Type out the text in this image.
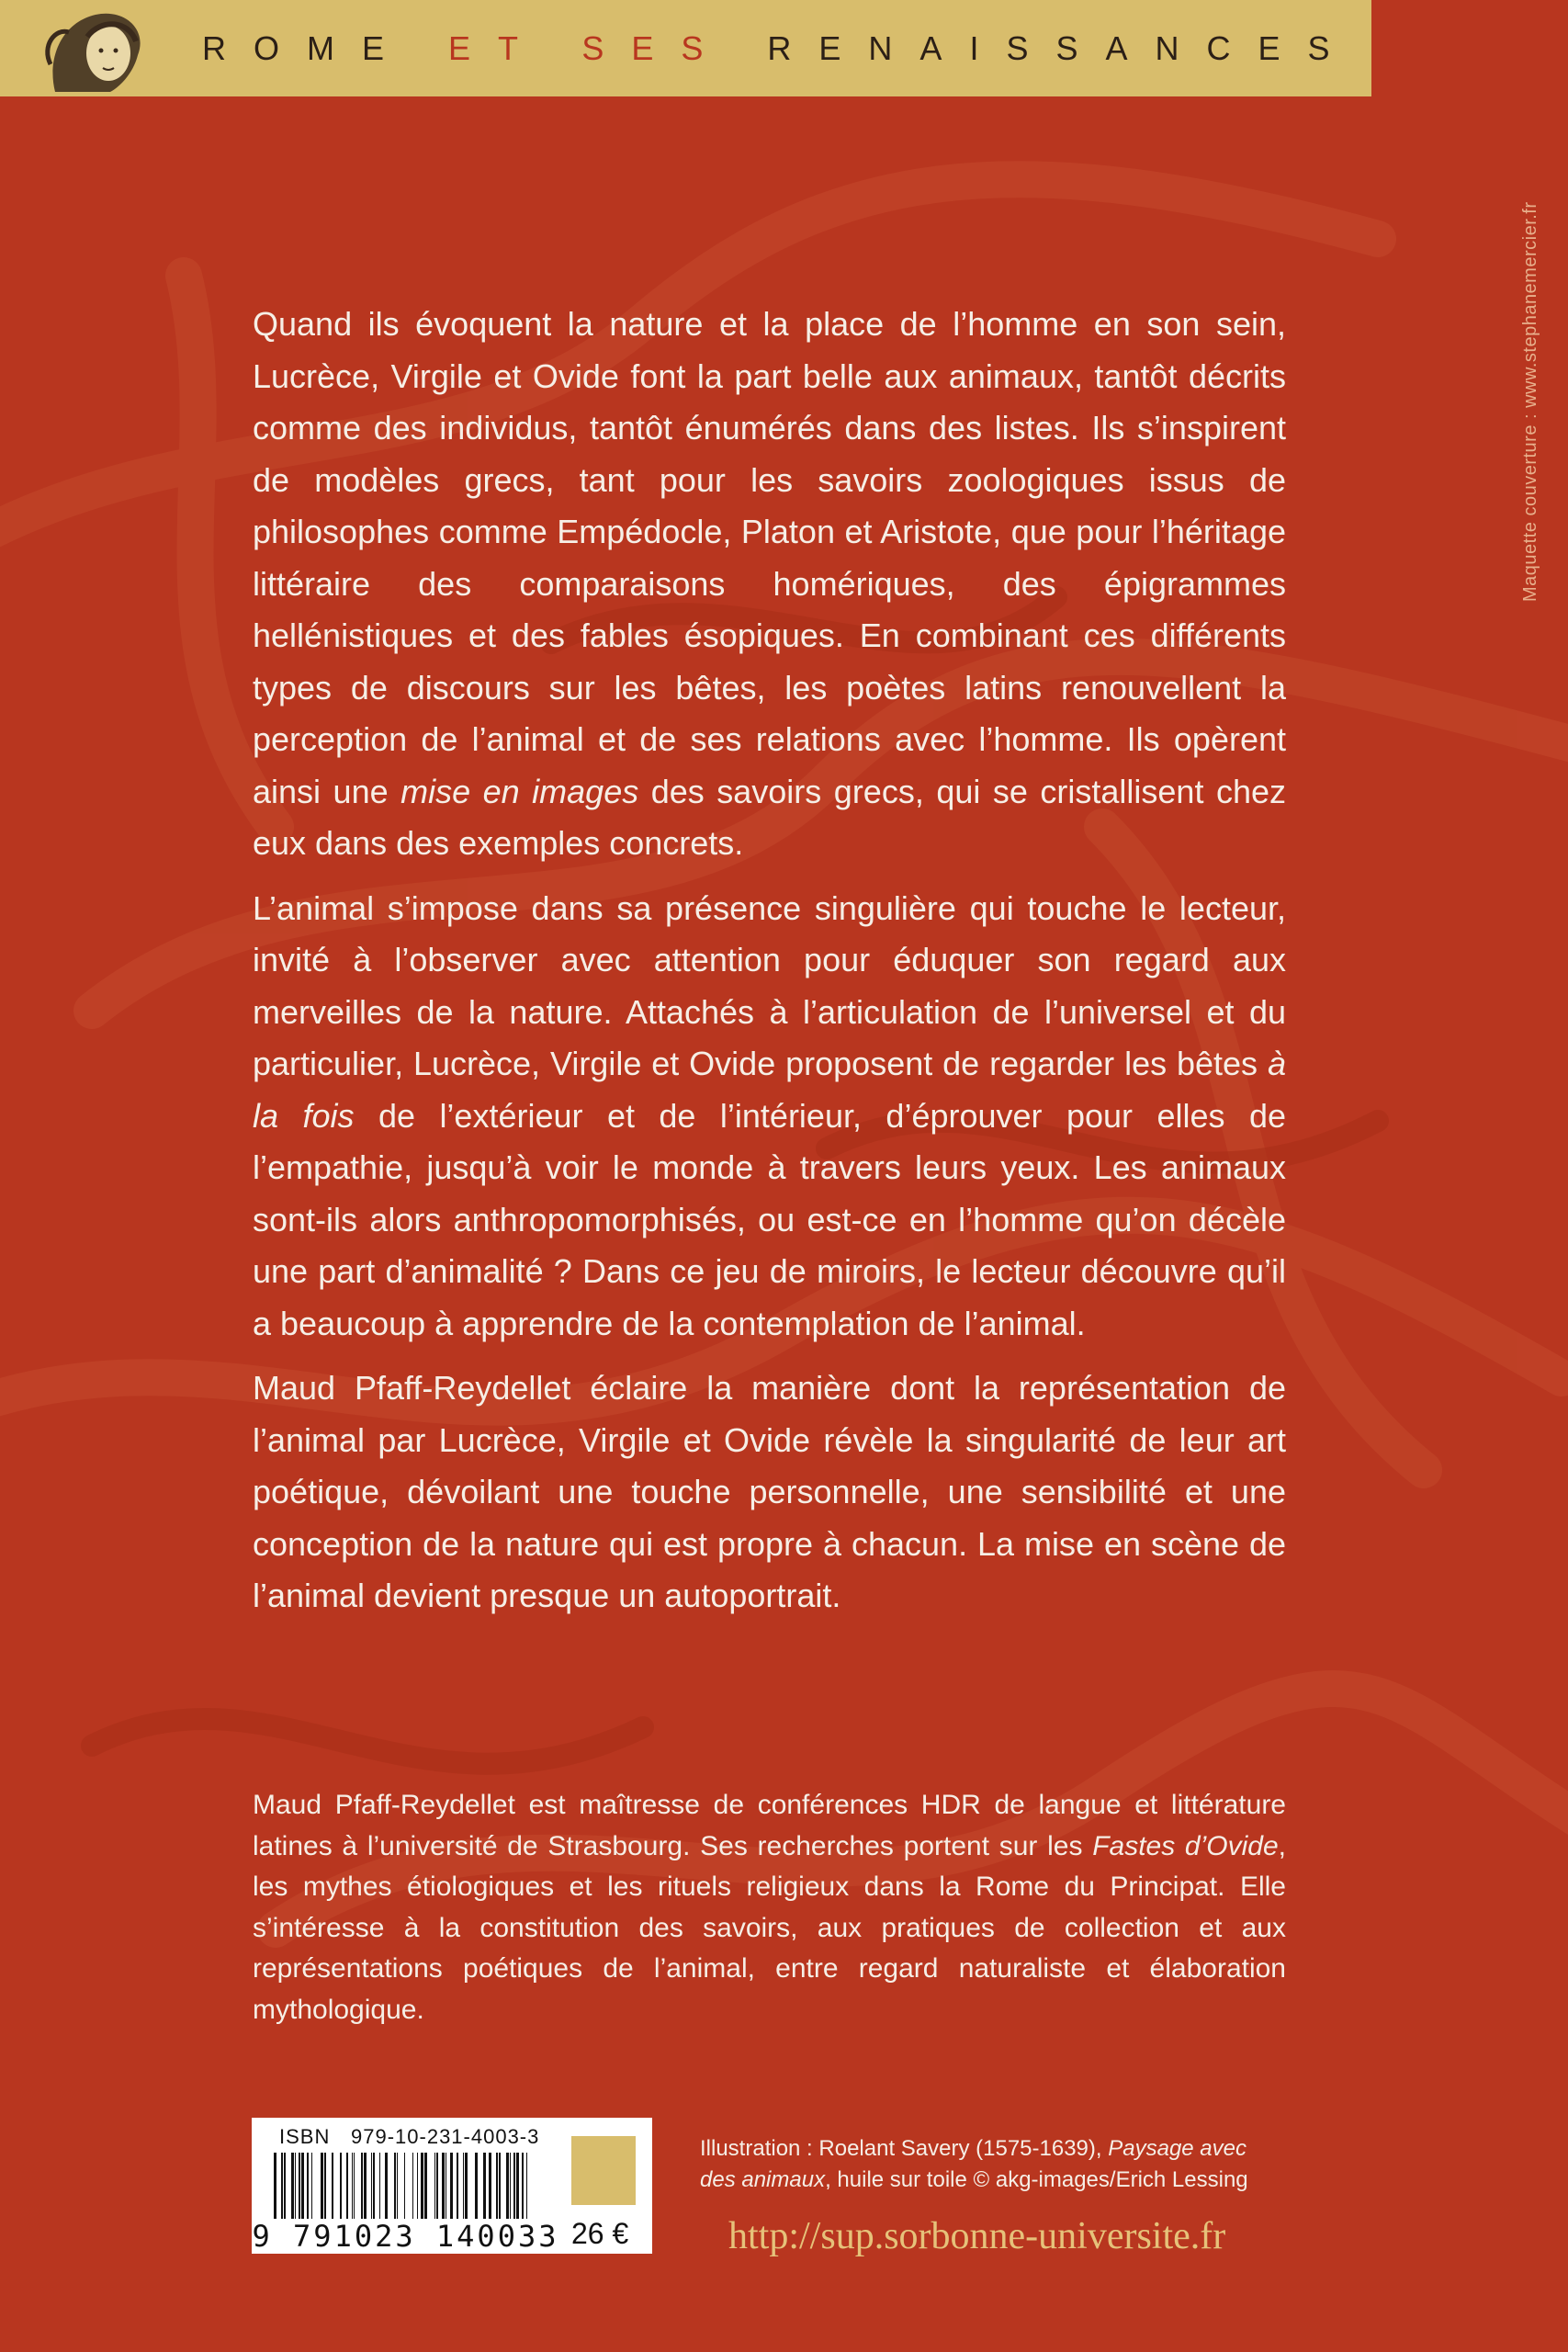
ROME ET SES RENAISSANCES
Maquette couverture : www.stephanemercier.fr

Quand ils évoquent la nature et la place de l’homme en son sein, Lucrèce, Virgile et Ovide font la part belle aux animaux, tantôt décrits comme des individus, tantôt énumérés dans des listes. Ils s’inspirent de modèles grecs, tant pour les savoirs zoologiques issus de philosophes comme Empédocle, Platon et Aristote, que pour l’héritage littéraire des comparaisons homériques, des épigrammes hellénistiques et des fables ésopiques. En combinant ces différents types de discours sur les bêtes, les poètes latins renouvellent la perception de l’animal et de ses relations avec l’homme. Ils opèrent ainsi une mise en images des savoirs grecs, qui se cristallisent chez eux dans des exemples concrets.

L’animal s’impose dans sa présence singulière qui touche le lecteur, invité à l’observer avec attention pour éduquer son regard aux merveilles de la nature. Attachés à l’articulation de l’universel et du particulier, Lucrèce, Virgile et Ovide proposent de regarder les bêtes à la fois de l’extérieur et de l’intérieur, d’éprouver pour elles de l’empathie, jusqu’à voir le monde à travers leurs yeux. Les animaux sont-ils alors anthropomorphisés, ou est-ce en l’homme qu’on décèle une part d’animalité ? Dans ce jeu de miroirs, le lecteur découvre qu’il a beaucoup à apprendre de la contemplation de l’animal.

Maud Pfaff-Reydellet éclaire la manière dont la représentation de l’animal par Lucrèce, Virgile et Ovide révèle la singularité de leur art poétique, dévoilant une touche personnelle, une sensibilité et une conception de la nature qui est propre à chacun. La mise en scène de l’animal devient presque un autoportrait.

Maud Pfaff-Reydellet est maîtresse de conférences HDR de langue et littérature latines à l’université de Strasbourg. Ses recherches portent sur les Fastes d’Ovide, les mythes étiologiques et les rituels religieux dans la Rome du Principat. Elle s’intéresse à la constitution des savoirs, aux pratiques de collection et aux représentations poétiques de l’animal, entre regard naturaliste et élaboration mythologique.

ISBN 979-10-231-4003-3
9 791023 140033 26 €
Illustration : Roelant Savery (1575-1639), Paysage avec des animaux, huile sur toile © akg-images/Erich Lessing
http://sup.sorbonne-universite.fr
